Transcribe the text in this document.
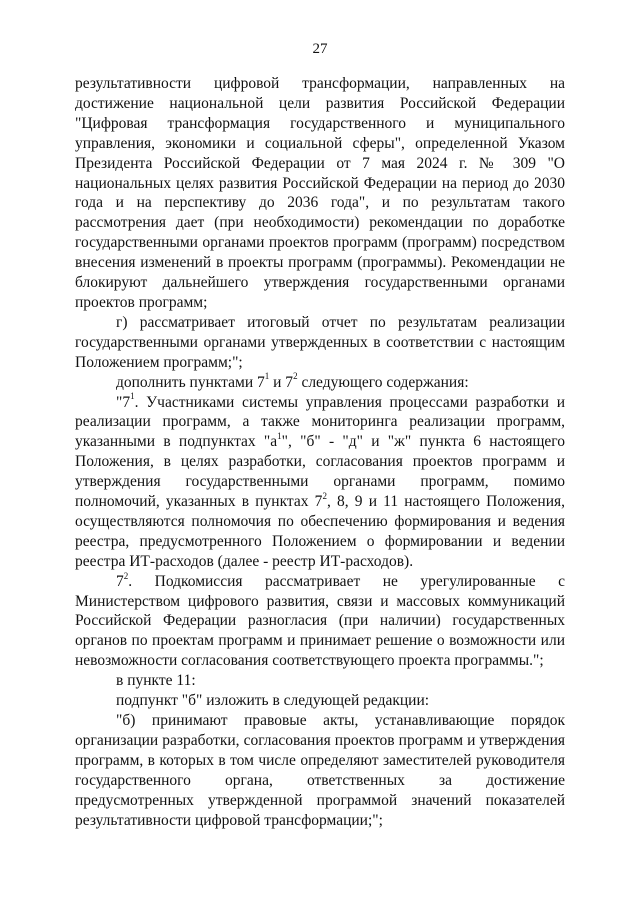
27

результативности цифровой трансформации, направленных на достижение национальной цели развития Российской Федерации "Цифровая трансформация государственного и муниципального управления, экономики и социальной сферы", определенной Указом Президента Российской Федерации от 7 мая 2024 г. № 309 "О национальных целях развития Российской Федерации на период до 2030 года и на перспективу до 2036 года", и по результатам такого рассмотрения дает (при необходимости) рекомендации по доработке государственными органами проектов программ (программ) посредством внесения изменений в проекты программ (программы). Рекомендации не блокируют дальнейшего утверждения государственными органами проектов программ;

г) рассматривает итоговый отчет по результатам реализации государственными органами утвержденных в соответствии с настоящим Положением программ;";

дополнить пунктами $7^1$ и $7^2$ следующего содержания:

"$7^1$. Участниками системы управления процессами разработки и реализации программ, а также мониторинга реализации программ, указанными в подпунктах "$а^1$", "б" - "д" и "ж" пункта 6 настоящего Положения, в целях разработки, согласования проектов программ и утверждения государственными органами программ, помимо полномочий, указанных в пунктах $7^2$, 8, 9 и 11 настоящего Положения, осуществляются полномочия по обеспечению формирования и ведения реестра, предусмотренного Положением о формировании и ведении реестра ИТ-расходов (далее - реестр ИТ-расходов).

$7^2$. Подкомиссия рассматривает не урегулированные с Министерством цифрового развития, связи и массовых коммуникаций Российской Федерации разногласия (при наличии) государственных органов по проектам программ и принимает решение о возможности или невозможности согласования соответствующего проекта программы.";

в пункте 11:

подпункт "б" изложить в следующей редакции:

"б) принимают правовые акты, устанавливающие порядок организации разработки, согласования проектов программ и утверждения программ, в которых в том числе определяют заместителей руководителя государственного органа, ответственных за достижение предусмотренных утвержденной программой значений показателей результативности цифровой трансформации;";
